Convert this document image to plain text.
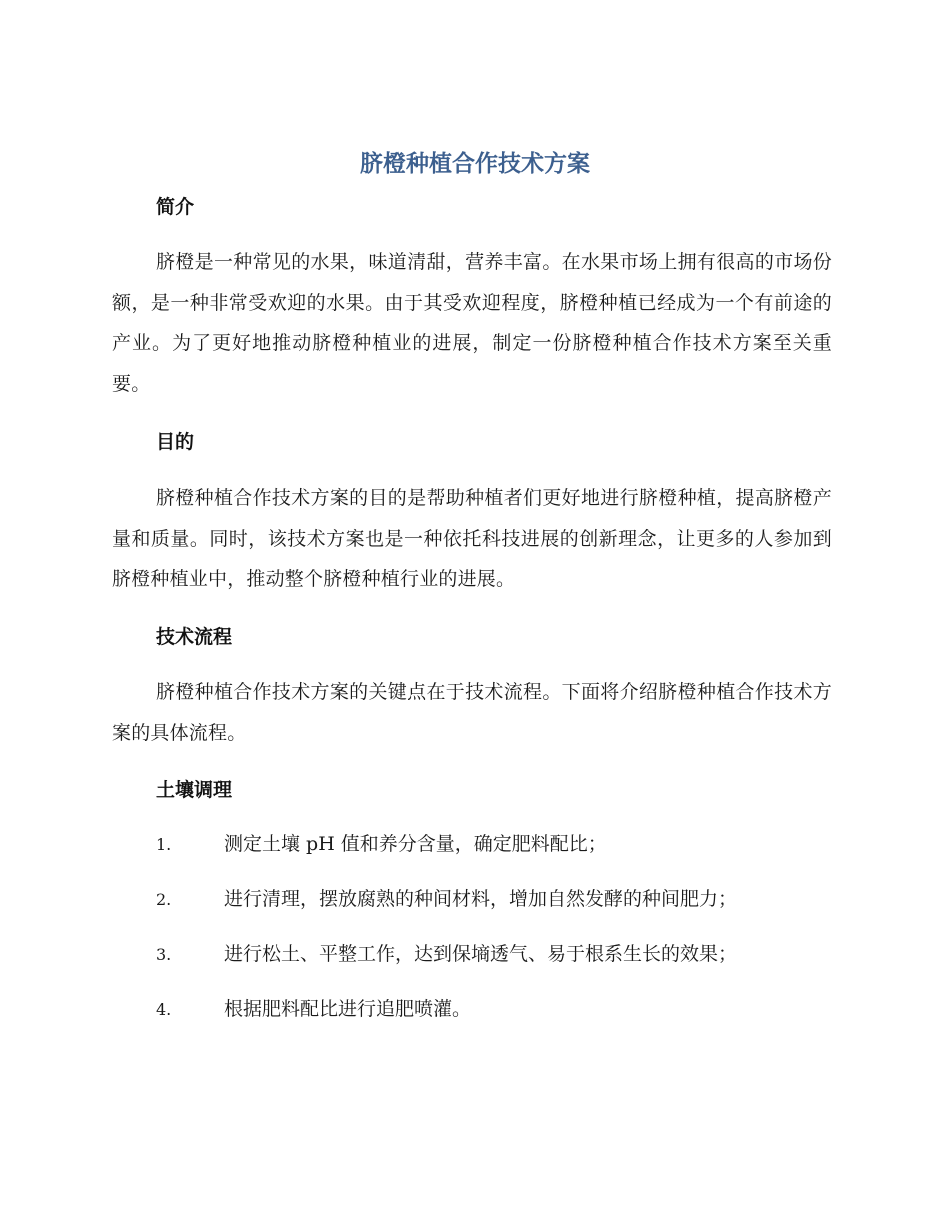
脐橙种植合作技术方案
简介

脐橙是一种常见的水果，味道清甜，营养丰富。在水果市场上拥有很高的市场份额，是一种非常受欢迎的水果。由于其受欢迎程度，脐橙种植已经成为一个有前途的产业。为了更好地推动脐橙种植业的进展，制定一份脐橙种植合作技术方案至关重要。

目的

脐橙种植合作技术方案的目的是帮助种植者们更好地进行脐橙种植，提高脐橙产量和质量。同时，该技术方案也是一种依托科技进展的创新理念，让更多的人参加到脐橙种植业中，推动整个脐橙种植行业的进展。

技术流程

脐橙种植合作技术方案的关键点在于技术流程。下面将介绍脐橙种植合作技术方案的具体流程。

土壤调理
1.	测定土壤 pH 值和养分含量，确定肥料配比；
2.	进行清理，摆放腐熟的种间材料，增加自然发酵的种间肥力；
3.	进行松土、平整工作，达到保墒透气、易于根系生长的效果；
4.	根据肥料配比进行追肥喷灌。
